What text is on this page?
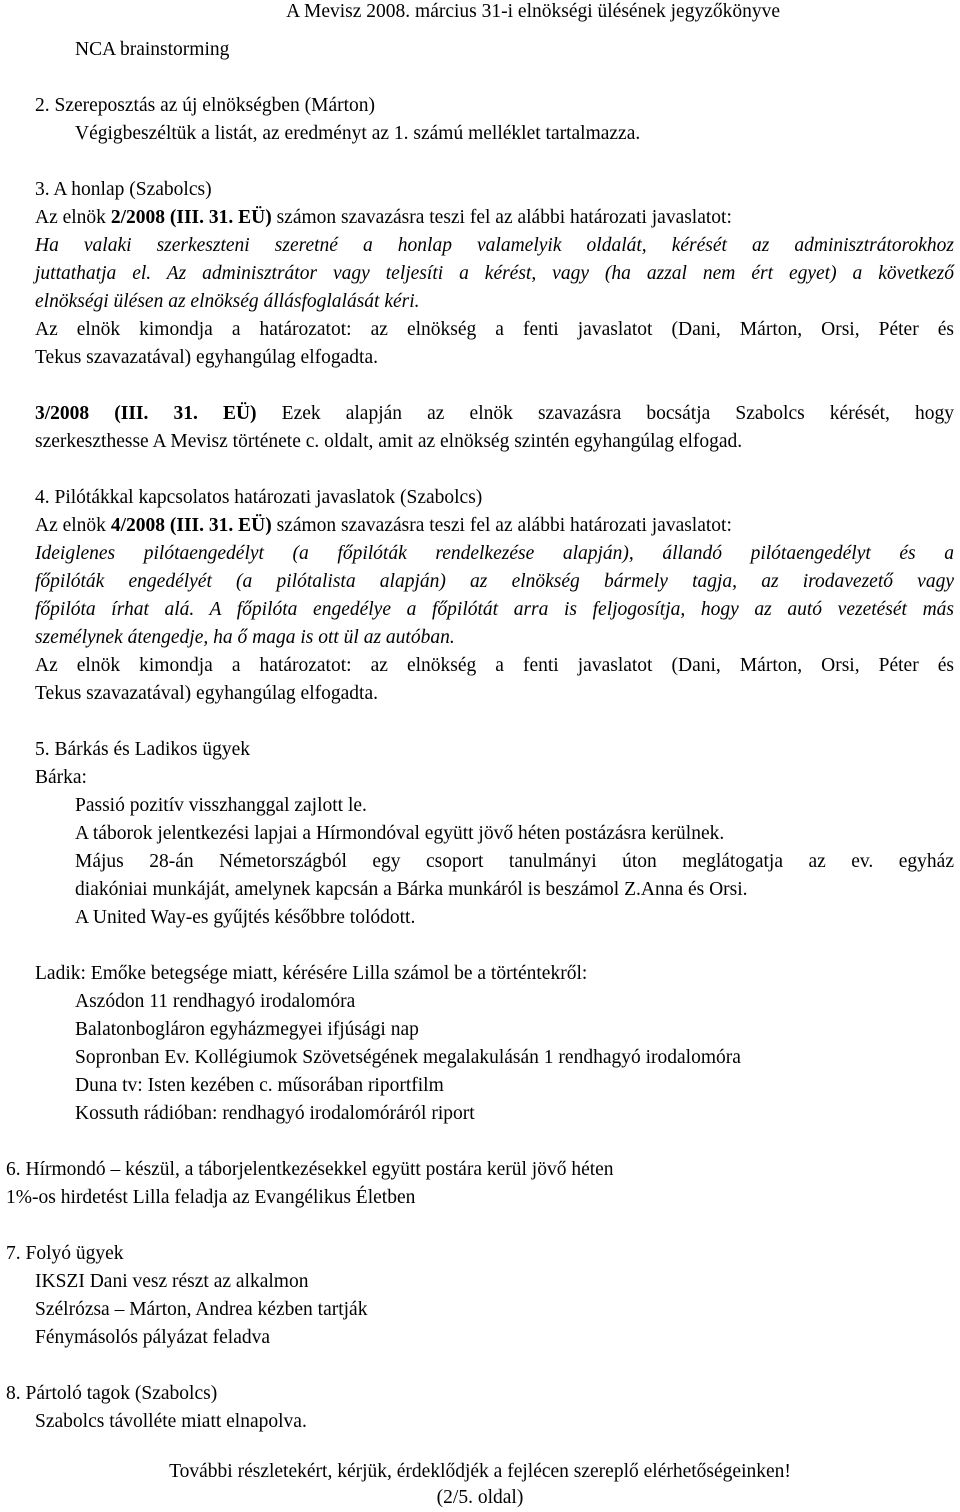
A Mevisz 2008. március 31-i elnökségi ülésének jegyzőkönyve
NCA brainstorming
2. Szereposztás az új elnökségben (Márton)
Végigbeszéltük a listát, az eredményt az 1. számú melléklet tartalmazza.
3. A honlap (Szabolcs)
Az elnök 2/2008 (III. 31. EÜ) számon szavazásra teszi fel az alábbi határozati javaslatot:
Ha valaki szerkeszteni szeretné a honlap valamelyik oldalát, kérését az adminisztrátorokhoz
juttathatja el. Az adminisztrátor vagy teljesíti a kérést, vagy (ha azzal nem ért egyet) a következő
elnökségi ülésen az elnökség állásfoglalását kéri.
Az elnök kimondja a határozatot: az elnökség a fenti javaslatot (Dani, Márton, Orsi, Péter és
Tekus szavazatával) egyhangúlag elfogadta.
3/2008 (III. 31. EÜ) Ezek alapján az elnök szavazásra bocsátja Szabolcs kérését, hogy
szerkeszthesse A Mevisz története c. oldalt, amit az elnökség szintén egyhangúlag elfogad.
4. Pilótákkal kapcsolatos határozati javaslatok (Szabolcs)
Az elnök 4/2008 (III. 31. EÜ) számon szavazásra teszi fel az alábbi határozati javaslatot:
Ideiglenes pilótaengedélyt (a főpilóták rendelkezése alapján), állandó pilótaengedélyt és a
főpilóták engedélyét (a pilótalista alapján) az elnökség bármely tagja, az irodavezető vagy
főpilóta írhat alá. A főpilóta engedélye a főpilótát arra is feljogosítja, hogy az autó vezetését más
személynek átengedje, ha ő maga is ott ül az autóban.
Az elnök kimondja a határozatot: az elnökség a fenti javaslatot (Dani, Márton, Orsi, Péter és
Tekus szavazatával) egyhangúlag elfogadta.
5. Bárkás és Ladikos ügyek
Bárka:
Passió pozitív visszhanggal zajlott le.
A táborok jelentkezési lapjai a Hírmondóval együtt jövő héten postázásra kerülnek.
Május 28-án Németországból egy csoport tanulmányi úton meglátogatja az ev. egyház
diakóniai munkáját, amelynek kapcsán a Bárka munkáról is beszámol Z.Anna és Orsi.
A United Way-es gyűjtés későbbre tolódott.
Ladik: Emőke betegsége miatt, kérésére Lilla számol be a történtekről:
Aszódon 11 rendhagyó irodalomóra
Balatonbogláron egyházmegyei ifjúsági nap
Sopronban Ev. Kollégiumok Szövetségének megalakulásán 1 rendhagyó irodalomóra
Duna tv: Isten kezében c. műsorában riportfilm
Kossuth rádióban: rendhagyó irodalomóráról riport
6. Hírmondó – készül, a táborjelentkezésekkel együtt postára kerül jövő héten
1%-os hirdetést Lilla feladja az Evangélikus Életben
7. Folyó ügyek
IKSZI Dani vesz részt az alkalmon
Szélrózsa – Márton, Andrea kézben tartják
Fénymásolós pályázat feladva
8. Pártoló tagok (Szabolcs)
Szabolcs távolléte miatt elnapolva.
További részletekért, kérjük, érdeklődjék a fejlécen szereplő elérhetőségeinken!
(2/5. oldal)
